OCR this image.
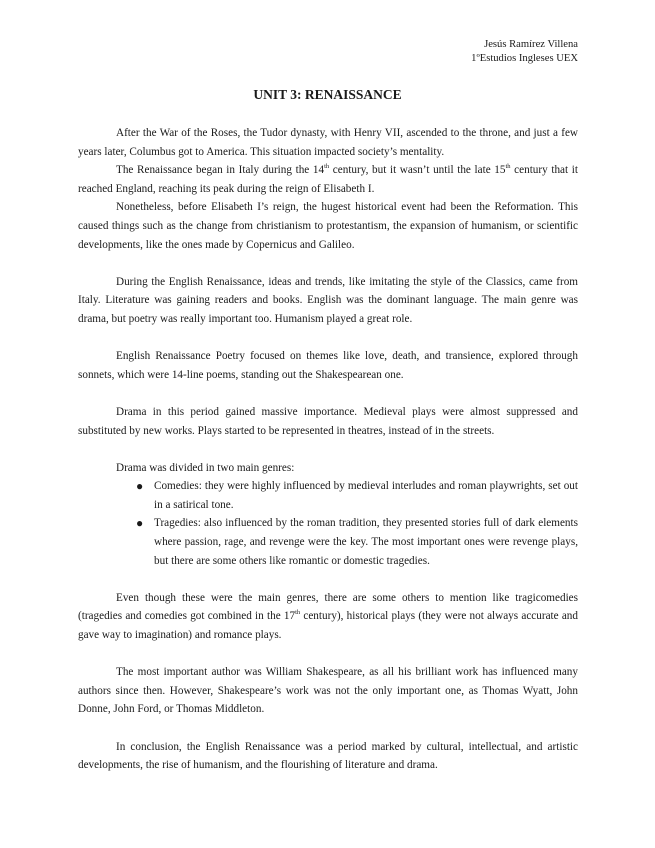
Jesús Ramírez Villena
1ºEstudios Ingleses UEX
UNIT 3: RENAISSANCE

After the War of the Roses, the Tudor dynasty, with Henry VII, ascended to the throne, and just a few years later, Columbus got to America. This situation impacted society’s mentality.

The Renaissance began in Italy during the 14th century, but it wasn’t until the late 15th century that it reached England, reaching its peak during the reign of Elisabeth I.

Nonetheless, before Elisabeth I’s reign, the hugest historical event had been the Reformation. This caused things such as the change from christianism to protestantism, the expansion of humanism, or scientific developments, like the ones made by Copernicus and Galileo.

During the English Renaissance, ideas and trends, like imitating the style of the Classics, came from Italy. Literature was gaining readers and books. English was the dominant language. The main genre was drama, but poetry was really important too. Humanism played a great role.

English Renaissance Poetry focused on themes like love, death, and transience, explored through sonnets, which were 14-line poems, standing out the Shakespearean one.

Drama in this period gained massive importance. Medieval plays were almost suppressed and substituted by new works. Plays started to be represented in theatres, instead of in the streets.

Drama was divided in two main genres:

● Comedies: they were highly influenced by medieval interludes and roman playwrights, set out in a satirical tone.
● Tragedies: also influenced by the roman tradition, they presented stories full of dark elements where passion, rage, and revenge were the key. The most important ones were revenge plays, but there are some others like romantic or domestic tragedies.

Even though these were the main genres, there are some others to mention like tragicomedies (tragedies and comedies got combined in the 17th century), historical plays (they were not always accurate and gave way to imagination) and romance plays.

The most important author was William Shakespeare, as all his brilliant work has influenced many authors since then. However, Shakespeare’s work was not the only important one, as Thomas Wyatt, John Donne, John Ford, or Thomas Middleton.

In conclusion, the English Renaissance was a period marked by cultural, intellectual, and artistic developments, the rise of humanism, and the flourishing of literature and drama.
